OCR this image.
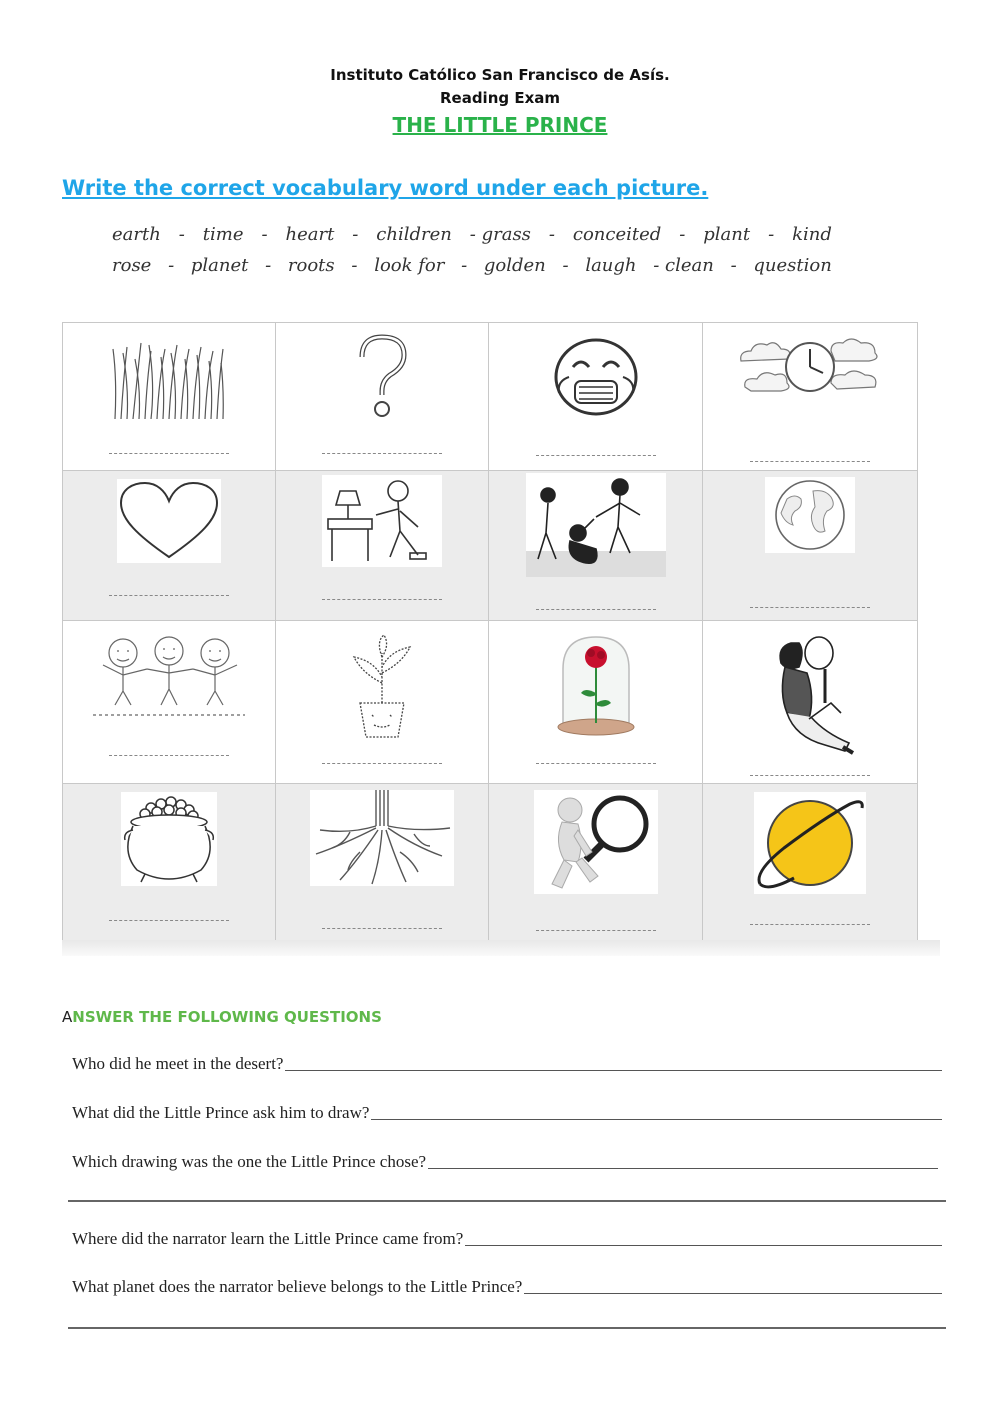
Instituto Católico San Francisco de Asís.
Reading Exam
THE LITTLE PRINCE
Write the correct vocabulary word under each picture.
earth - time - heart - children - grass - conceited - plant - kind
rose - planet - roots - look for - golden - laugh - clean - question
ANSWER THE FOLLOWING QUESTIONS
Who did he meet in the desert?
What did the Little Prince ask him to draw?
Which drawing was the one the Little Prince chose?
Where did the narrator learn the Little Prince came from?
What planet does the narrator believe belongs to the Little Prince?
